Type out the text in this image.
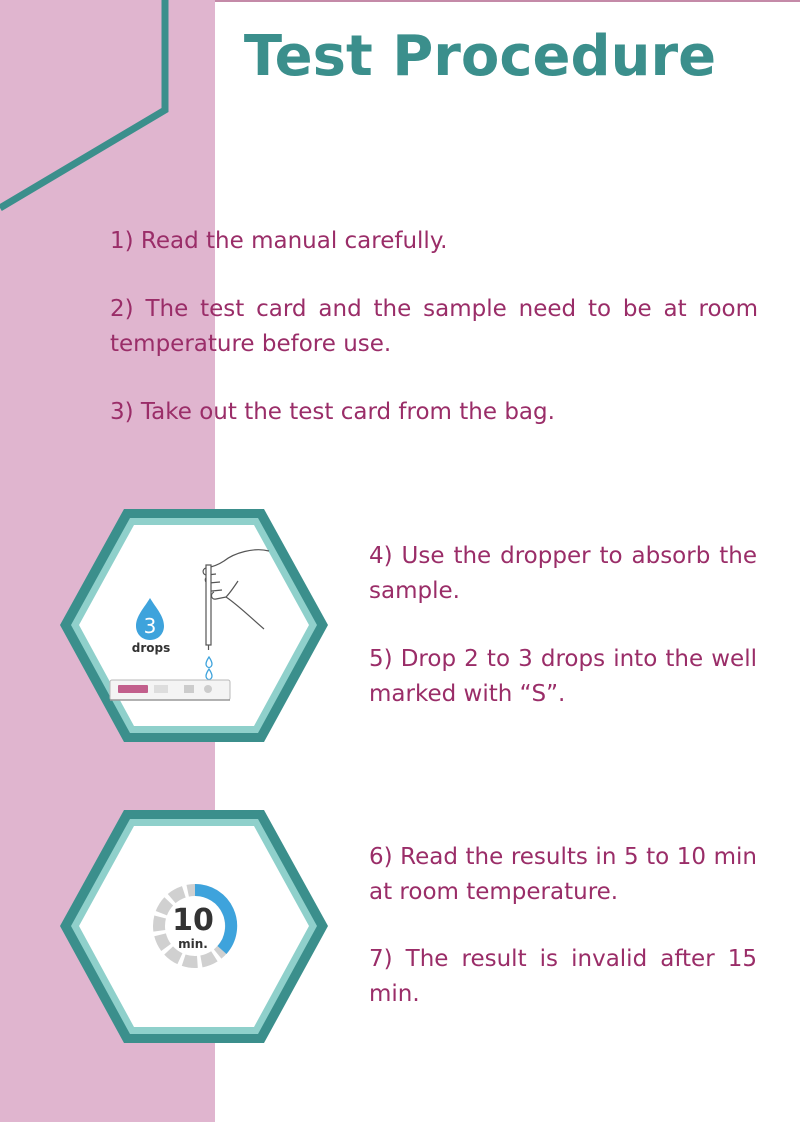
Test Procedure

1) Read the manual carefully.

2) The test card and the sample need to be at room temperature before use.

3) Take out the test card from the bag.

3
drops

4) Use the dropper to absorb the sample.

5) Drop 2 to 3 drops into the well marked with “S”.

10
min.

6) Read the results in 5 to 10 min at room temperature.

7) The result is invalid after 15 min.
